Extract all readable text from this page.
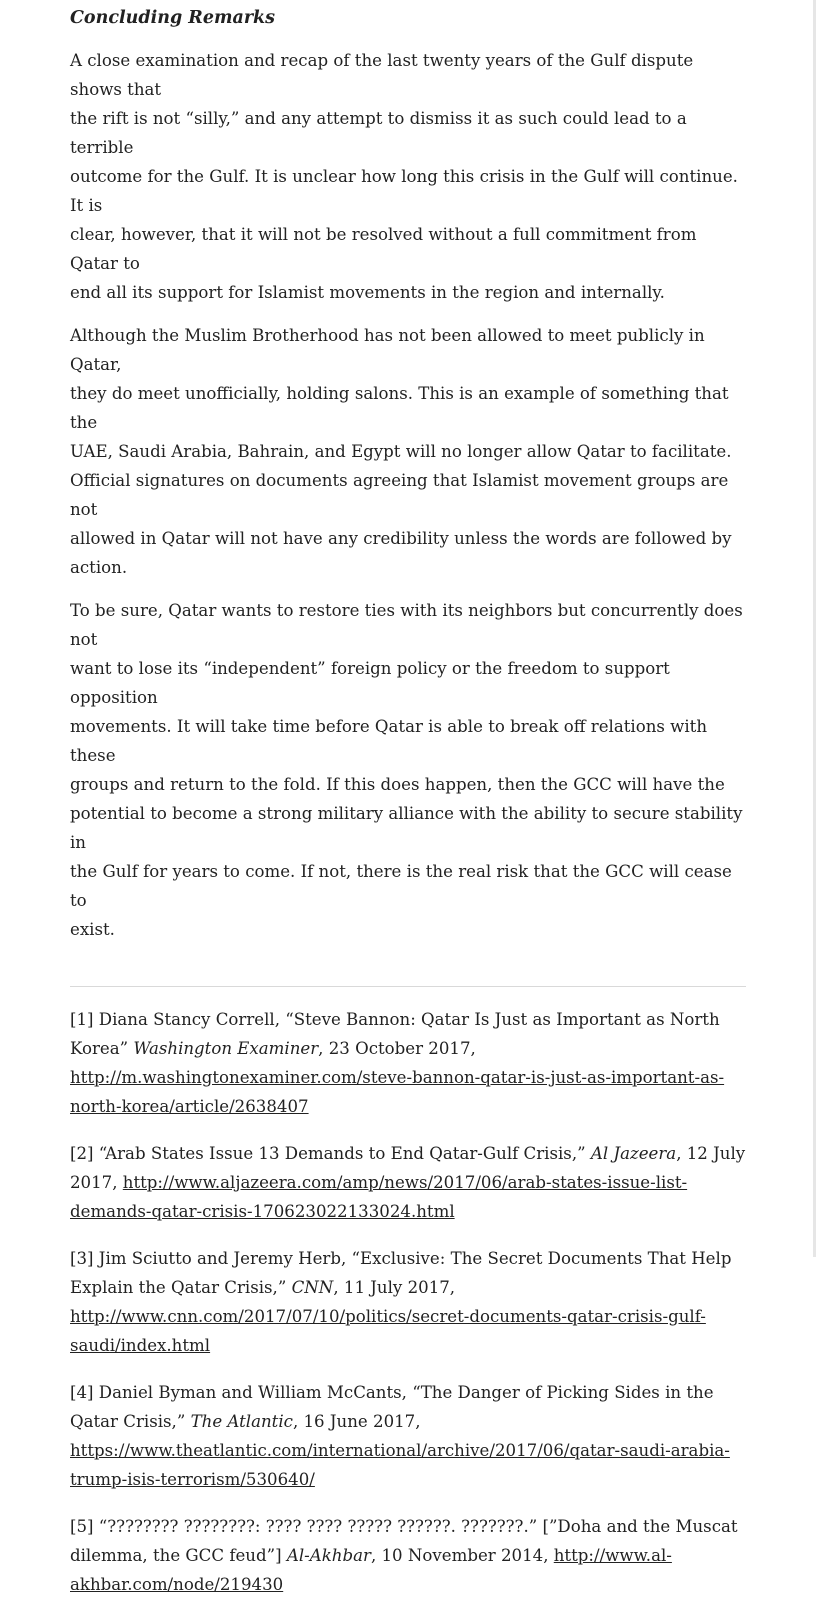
Concluding Remarks

A close examination and recap of the last twenty years of the Gulf dispute shows that
the rift is not “silly,” and any attempt to dismiss it as such could lead to a terrible
outcome for the Gulf. It is unclear how long this crisis in the Gulf will continue. It is
clear, however, that it will not be resolved without a full commitment from Qatar to
end all its support for Islamist movements in the region and internally.

Although the Muslim Brotherhood has not been allowed to meet publicly in Qatar,
they do meet unofficially, holding salons. This is an example of something that the
UAE, Saudi Arabia, Bahrain, and Egypt will no longer allow Qatar to facilitate.
Official signatures on documents agreeing that Islamist movement groups are not
allowed in Qatar will not have any credibility unless the words are followed by
action.

To be sure, Qatar wants to restore ties with its neighbors but concurrently does not
want to lose its “independent” foreign policy or the freedom to support opposition
movements. It will take time before Qatar is able to break off relations with these
groups and return to the fold. If this does happen, then the GCC will have the
potential to become a strong military alliance with the ability to secure stability in
the Gulf for years to come. If not, there is the real risk that the GCC will cease to
exist.

[1] Diana Stancy Correll, “Steve Bannon: Qatar Is Just as Important as North Korea” Washington Examiner, 23 October 2017, http://m.washingtonexaminer.com/steve-bannon-qatar-is-just-as-important-as-north-korea/article/2638407

[2] “Arab States Issue 13 Demands to End Qatar-Gulf Crisis,” Al Jazeera, 12 July 2017, http://www.aljazeera.com/amp/news/2017/06/arab-states-issue-list-demands-qatar-crisis-170623022133024.html

[3] Jim Sciutto and Jeremy Herb, “Exclusive: The Secret Documents That Help Explain the Qatar Crisis,” CNN, 11 July 2017, http://www.cnn.com/2017/07/10/politics/secret-documents-qatar-crisis-gulf-saudi/index.html

[4] Daniel Byman and William McCants, “The Danger of Picking Sides in the Qatar Crisis,” The Atlantic, 16 June 2017, https://www.theatlantic.com/international/archive/2017/06/qatar-saudi-arabia-trump-isis-terrorism/530640/

[5] “???????? ????????: ???? ???? ????? ??????. ???????.” [”Doha and the Muscat dilemma, the GCC feud”] Al-Akhbar, 10 November 2014, http://www.al-akhbar.com/node/219430
